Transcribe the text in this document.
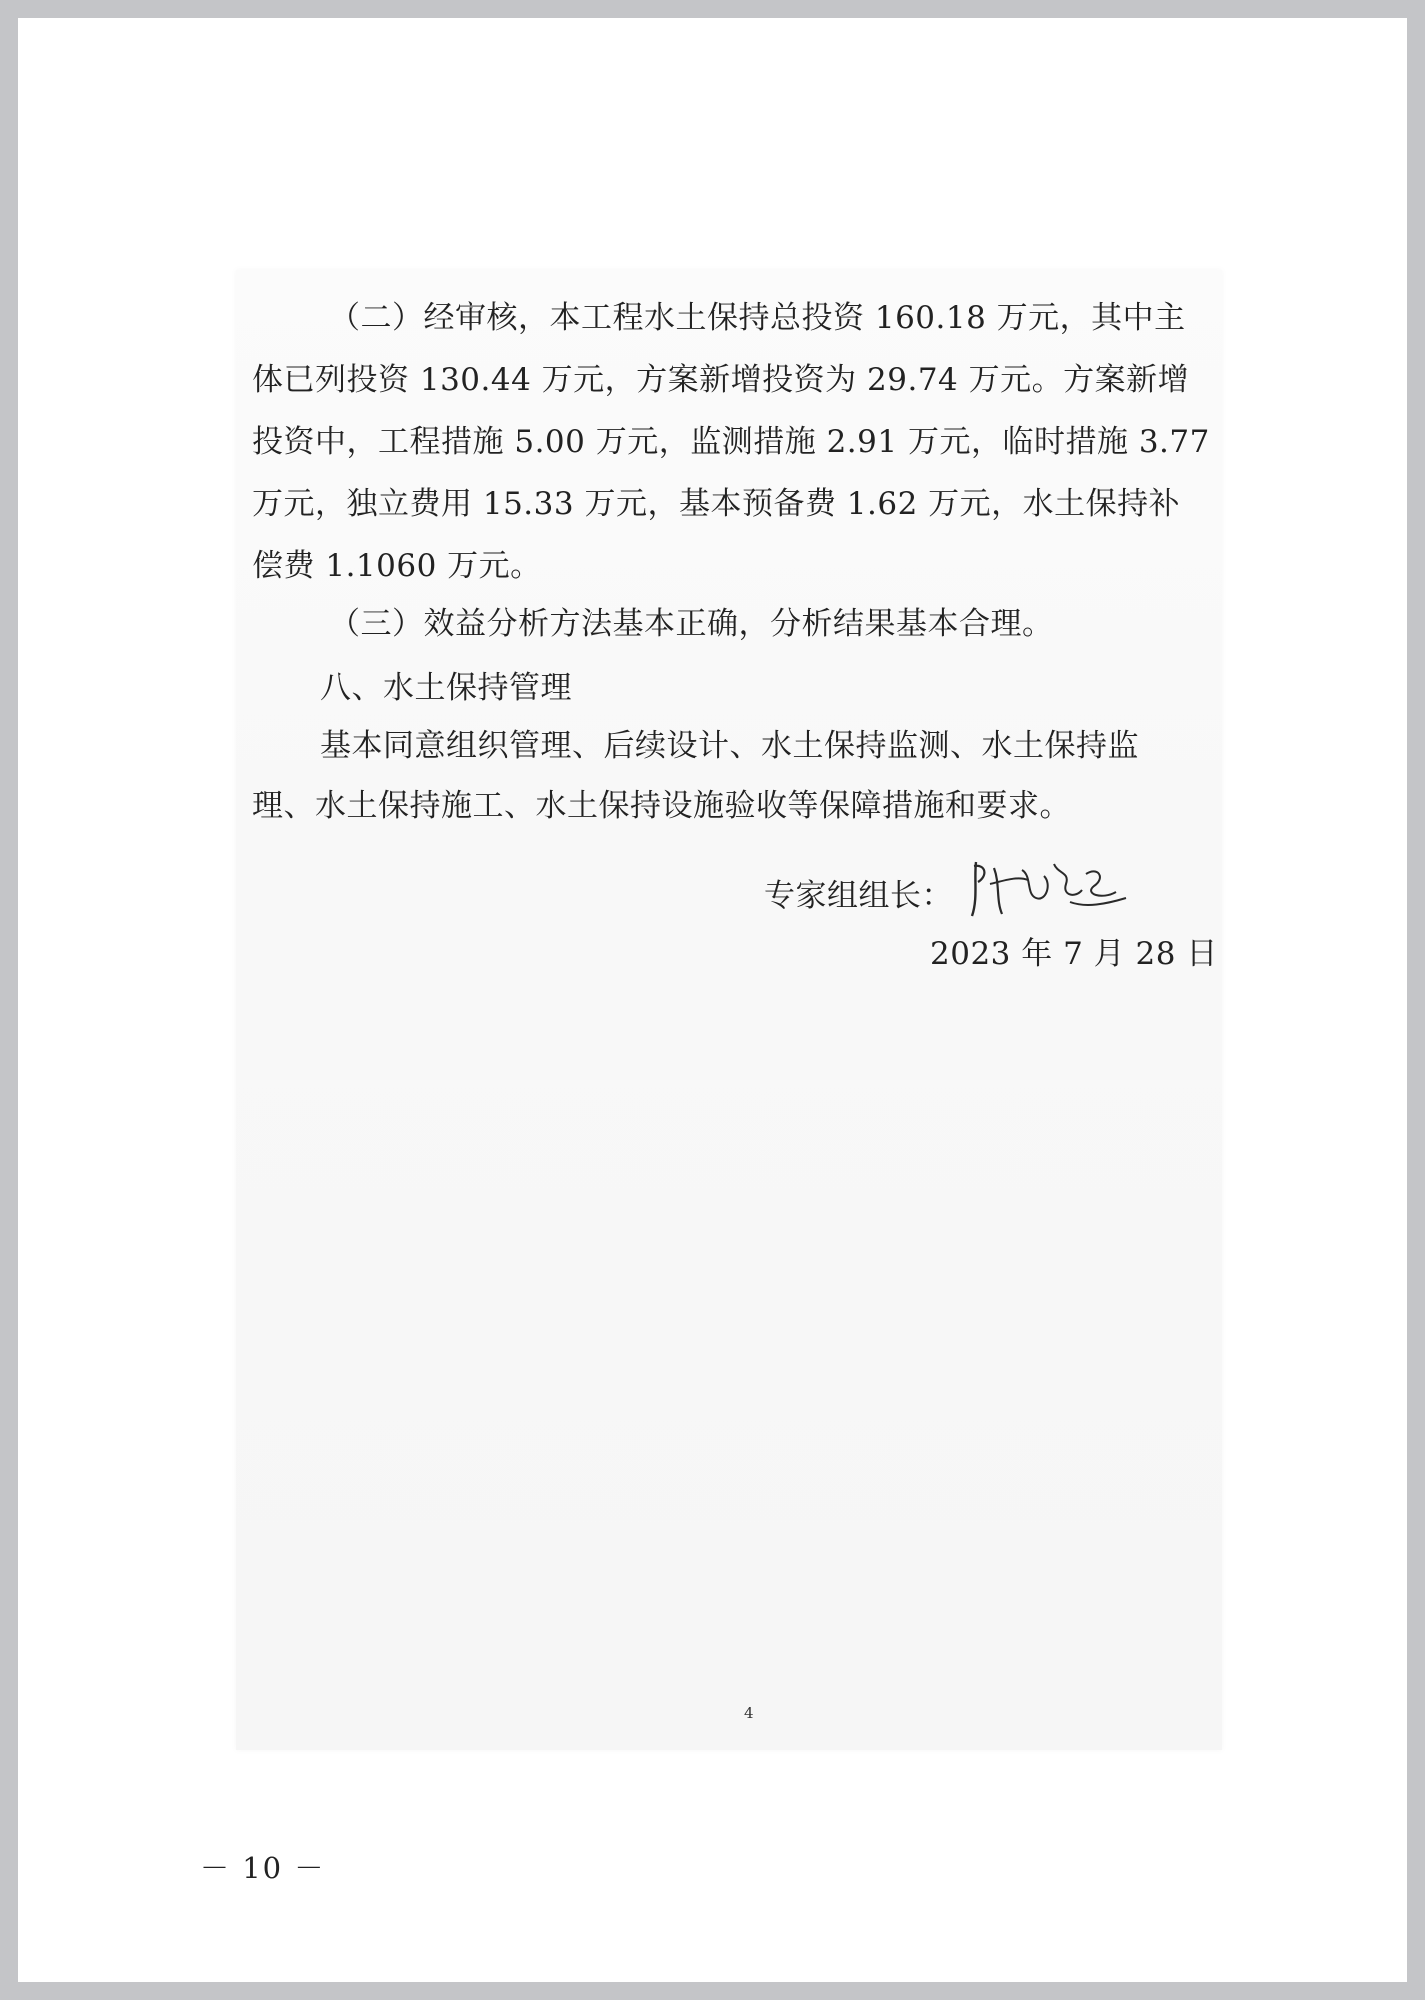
（二）经审核，本工程水土保持总投资 160.18 万元，其中主

体已列投资 130.44 万元，方案新增投资为 29.74 万元。方案新增

投资中，工程措施 5.00 万元，监测措施 2.91 万元，临时措施 3.77

万元，独立费用 15.33 万元，基本预备费 1.62 万元，水土保持补

偿费 1.1060 万元。

（三）效益分析方法基本正确，分析结果基本合理。

八、水土保持管理

基本同意组织管理、后续设计、水土保持监测、水土保持监

理、水土保持施工、水土保持设施验收等保障措施和要求。

专家组组长：

2023 年 7 月 28 日

4
－ 10 －
